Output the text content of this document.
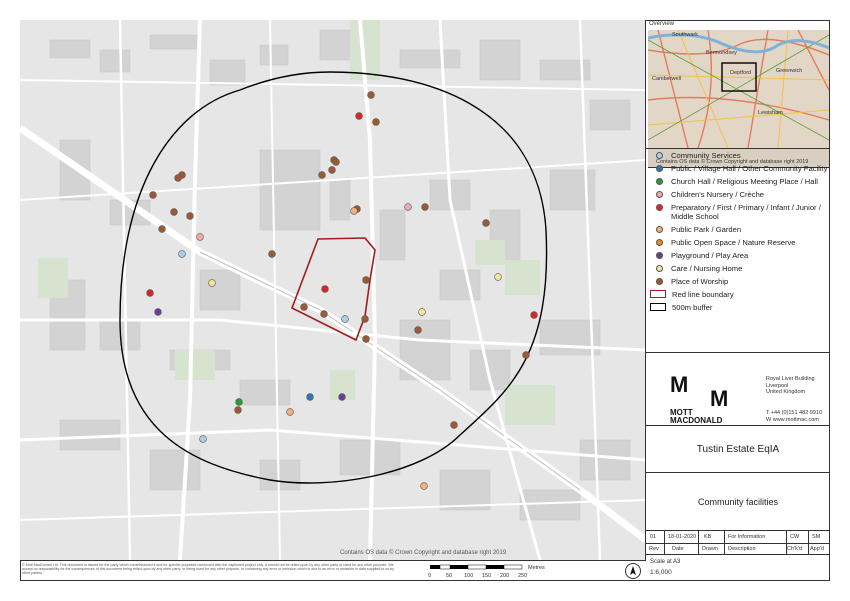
Contains OS data © Crown Copyright and database right 2019
Overview
Southwark
Bermondsey
Camberwell
Deptford	Greenwich
Lewisham
Contains OS data © Crown Copyright and database right 2019
Community Services
Public / Village Hall / Other Community Facility
Church Hall / Religious Meeting Place / Hall
Children's Nursery / Crèche
Preparatory / First / Primary / Infant / Junior / Middle School
Public Park / Garden
Public Open Space / Nature Reserve
Playground / Play Area
Care / Nursing Home
Place of Worship
Red line boundary
500m buffer
M
M
MOTT
MACDONALD
Royal Liver Building
Liverpool
United Kingdom
T +44 (0)151 482 9910
W www.mottmac.com
Tustin Estate EqIA
Community facilities
01 18-01-2020 KB	For Information	CW SM
Rev Date	Drawn Description	Ch'k'd App'd
Scale at A3
1:6,000
© Mott MacDonald Ltd. This document is issued for the party which commissioned it and for specific purposes connected with the captioned project only. It should not be relied upon by any other party or used for any other purpose. We accept no responsibility for the consequences of this document being relied upon by any other party, or being used for any other purpose, or containing any error or omission which is due to an error or omission in data supplied to us by other parties.	0	50 100 150 200 250
Metres
